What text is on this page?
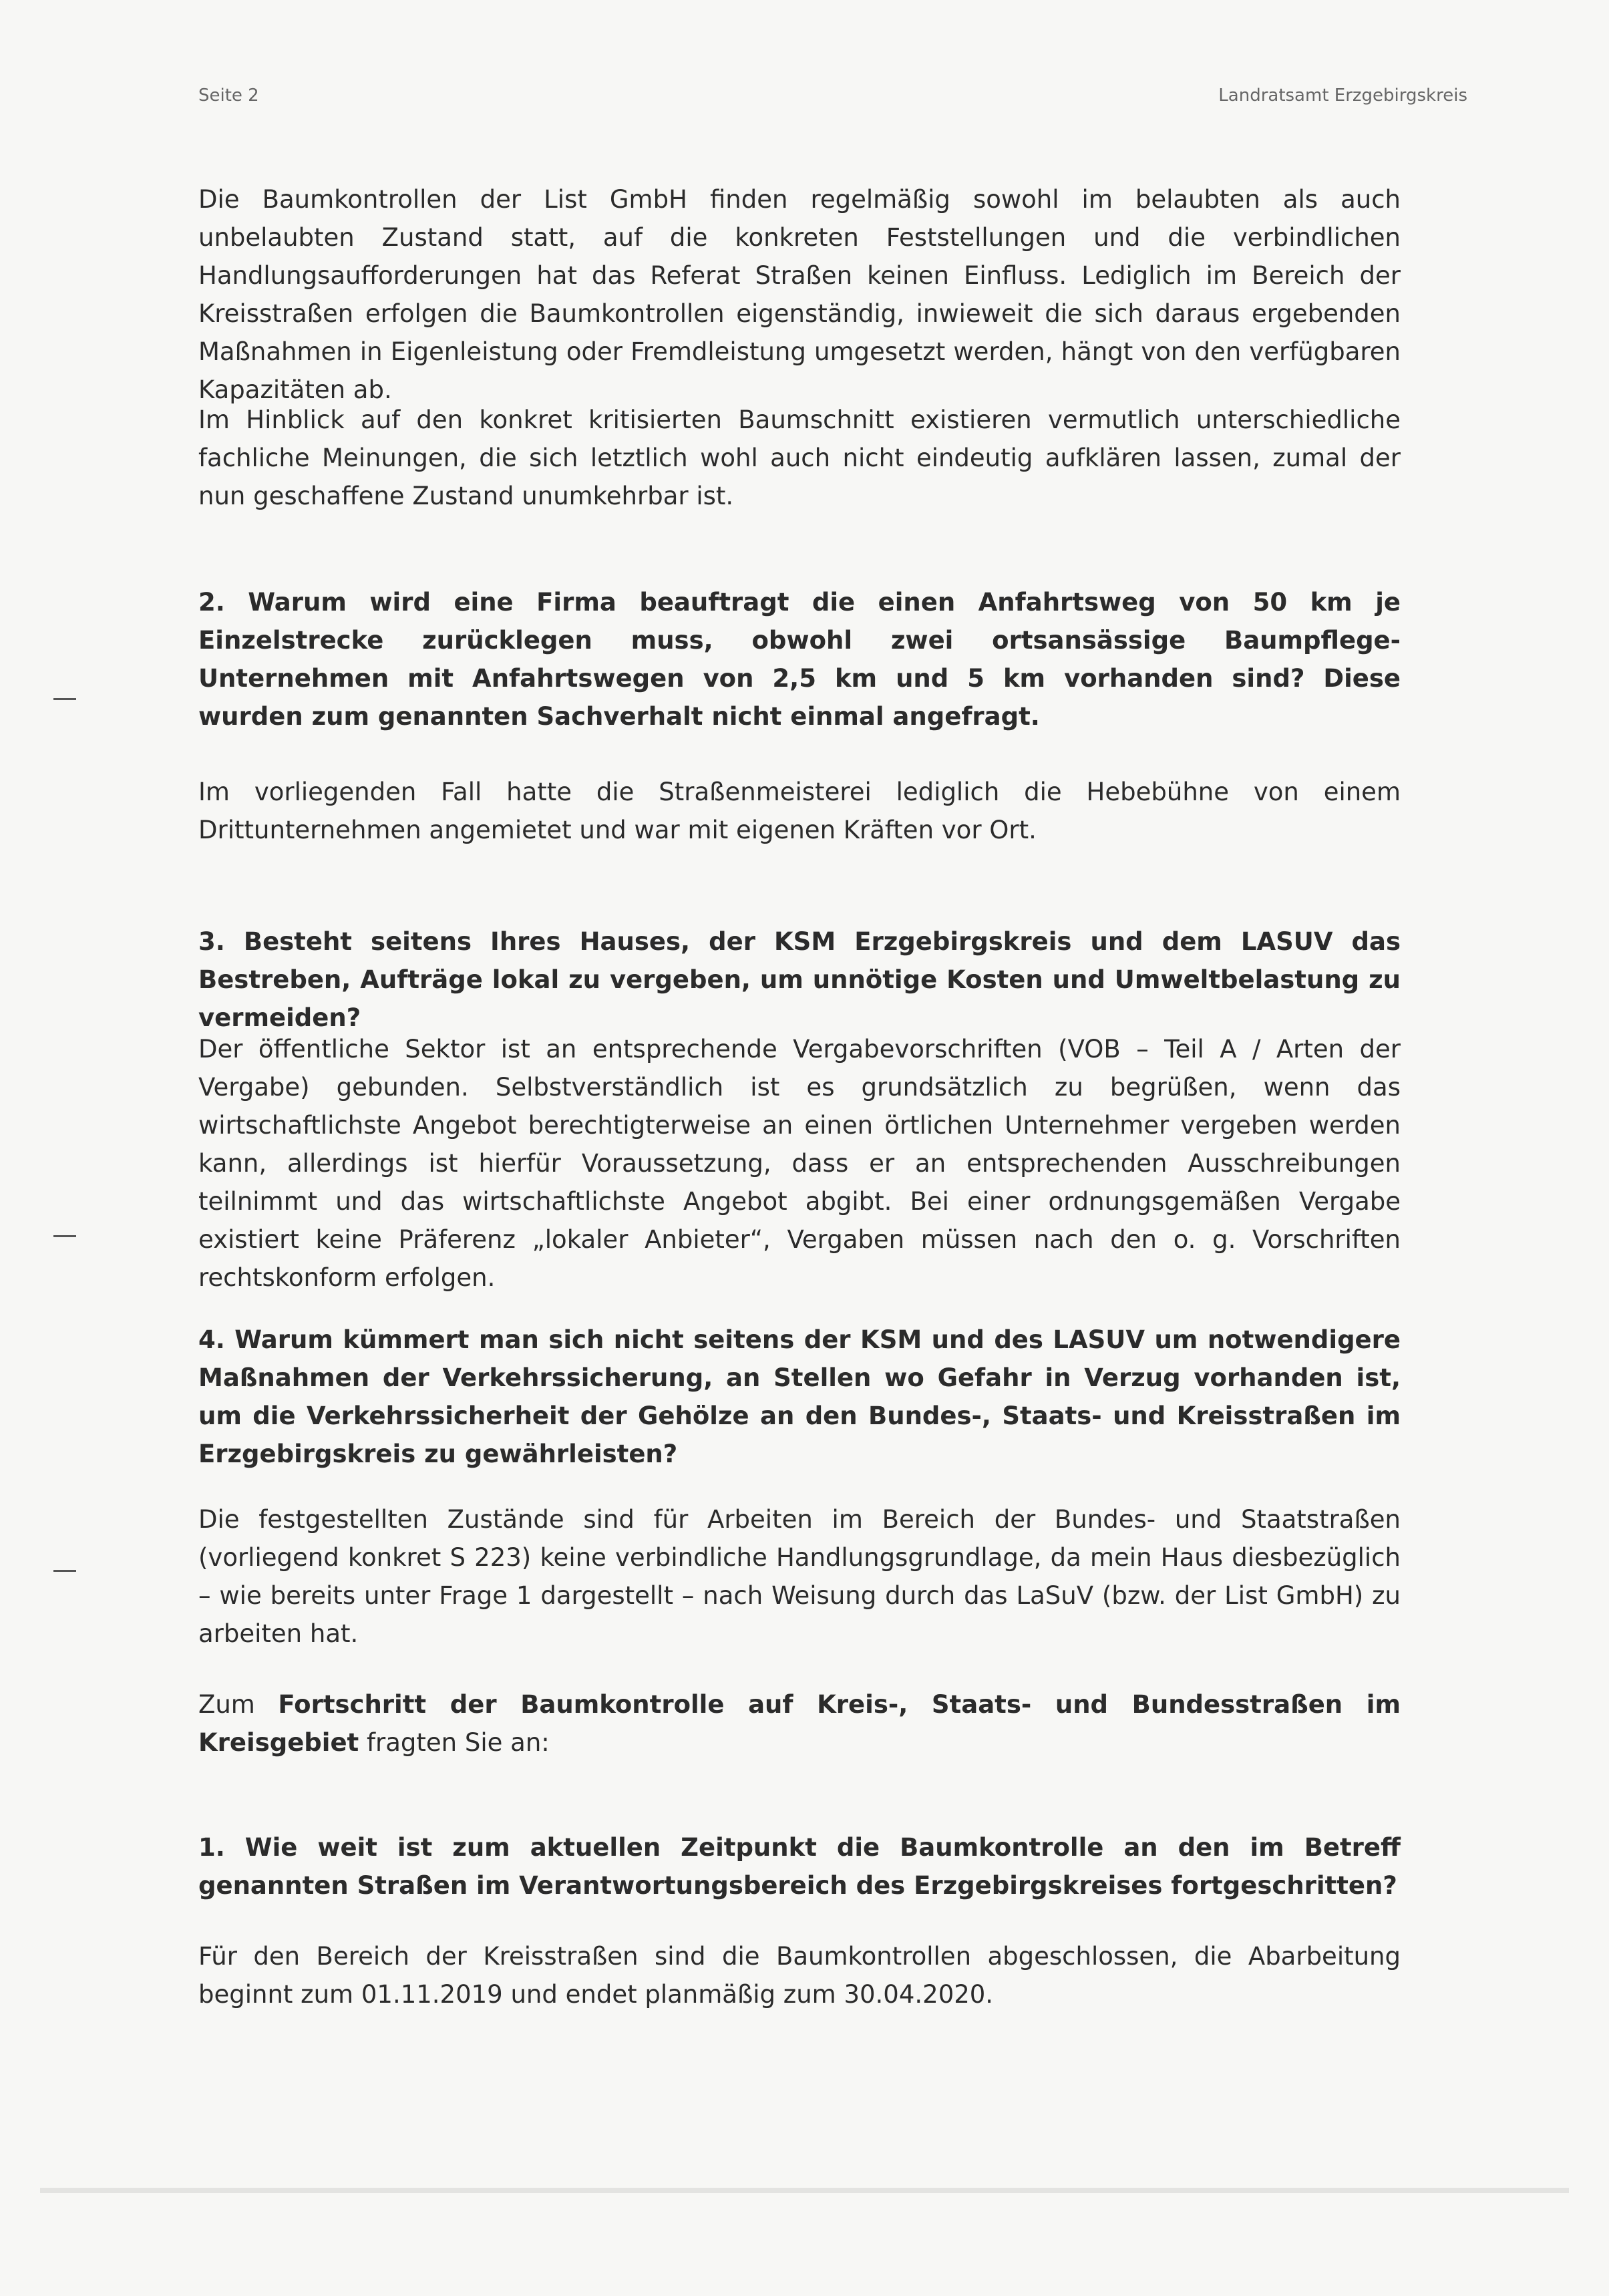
Seite 2	Landratsamt Erzgebirgskreis

Die Baumkontrollen der List GmbH finden regelmäßig sowohl im belaubten als auch unbelaubten Zustand statt, auf die konkreten Feststellungen und die verbindlichen Handlungsaufforderungen hat das Referat Straßen keinen Einfluss. Lediglich im Bereich der Kreisstraßen erfolgen die Baumkontrollen eigenständig, inwieweit die sich daraus ergebenden Maßnahmen in Eigenleistung oder Fremdleistung umgesetzt werden, hängt von den verfügbaren Kapazitäten ab.

Im Hinblick auf den konkret kritisierten Baumschnitt existieren vermutlich unterschiedliche fachliche Meinungen, die sich letztlich wohl auch nicht eindeutig aufklären lassen, zumal der nun geschaffene Zustand unumkehrbar ist.

2. Warum wird eine Firma beauftragt die einen Anfahrtsweg von 50 km je Einzelstrecke zurücklegen muss, obwohl zwei ortsansässige Baumpflege-Unternehmen mit Anfahrtswegen von 2,5 km und 5 km vorhanden sind? Diese wurden zum genannten Sachverhalt nicht einmal angefragt.

Im vorliegenden Fall hatte die Straßenmeisterei lediglich die Hebebühne von einem Drittunternehmen angemietet und war mit eigenen Kräften vor Ort.

3. Besteht seitens Ihres Hauses, der KSM Erzgebirgskreis und dem LASUV das Bestreben, Aufträge lokal zu vergeben, um unnötige Kosten und Umweltbelastung zu vermeiden?

Der öffentliche Sektor ist an entsprechende Vergabevorschriften (VOB – Teil A / Arten der Vergabe) gebunden. Selbstverständlich ist es grundsätzlich zu begrüßen, wenn das wirtschaftlichste Angebot berechtigterweise an einen örtlichen Unternehmer vergeben werden kann, allerdings ist hierfür Voraussetzung, dass er an entsprechenden Ausschreibungen teilnimmt und das wirtschaftlichste Angebot abgibt. Bei einer ordnungsgemäßen Vergabe existiert keine Präferenz „lokaler Anbieter“, Vergaben müssen nach den o. g. Vorschriften rechtskonform erfolgen.

4. Warum kümmert man sich nicht seitens der KSM und des LASUV um notwendigere Maßnahmen der Verkehrssicherung, an Stellen wo Gefahr in Verzug vorhanden ist, um die Verkehrssicherheit der Gehölze an den Bundes-, Staats- und Kreisstraßen im Erzgebirgskreis zu gewährleisten?

Die festgestellten Zustände sind für Arbeiten im Bereich der Bundes- und Staatstraßen (vorliegend konkret S 223) keine verbindliche Handlungsgrundlage, da mein Haus diesbezüglich – wie bereits unter Frage 1 dargestellt – nach Weisung durch das LaSuV (bzw. der List GmbH) zu arbeiten hat.

Zum Fortschritt der Baumkontrolle auf Kreis-, Staats- und Bundesstraßen im Kreisgebiet fragten Sie an:

1. Wie weit ist zum aktuellen Zeitpunkt die Baumkontrolle an den im Betreff genannten Straßen im Verantwortungsbereich des Erzgebirgskreises fortgeschritten?

Für den Bereich der Kreisstraßen sind die Baumkontrollen abgeschlossen, die Abarbeitung beginnt zum 01.11.2019 und endet planmäßig zum 30.04.2020.
